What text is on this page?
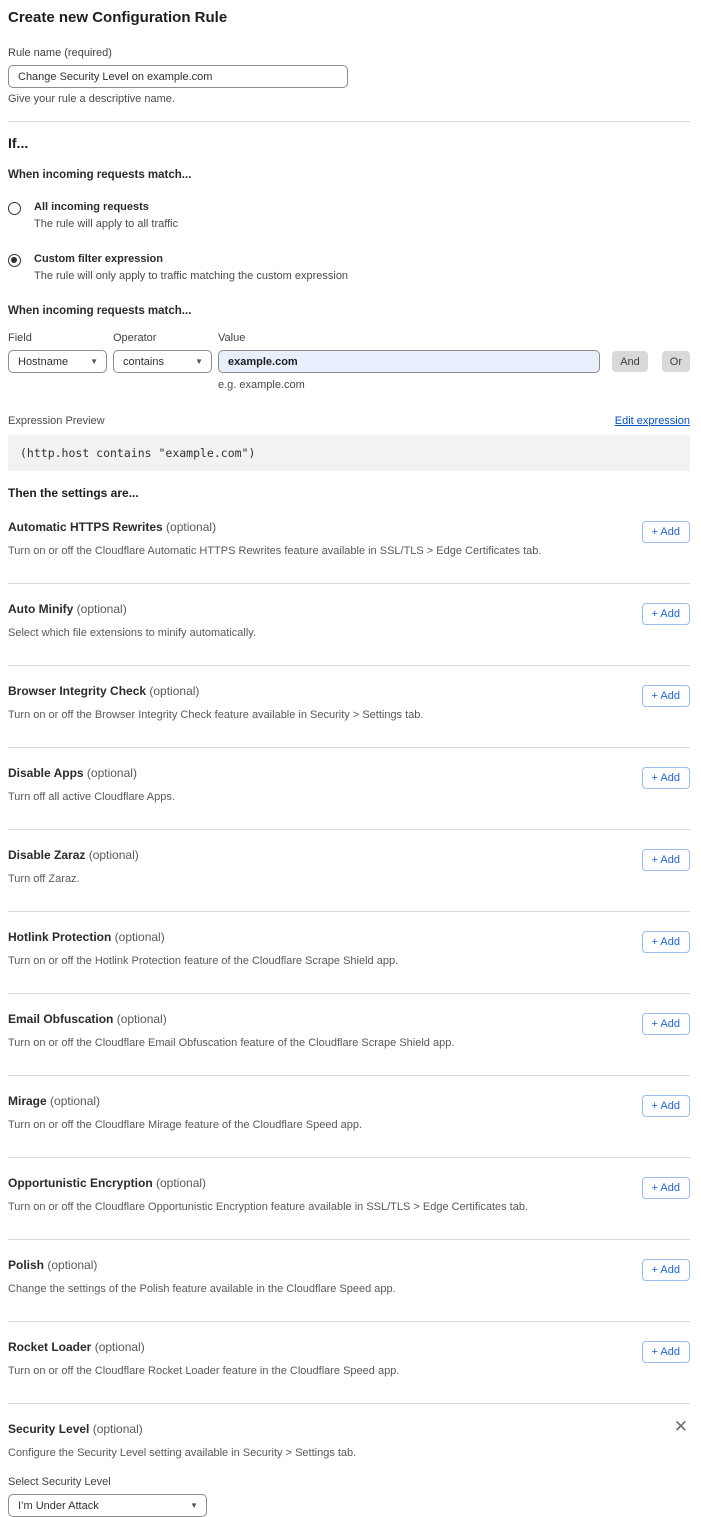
Create new Configuration Rule
Rule name (required)
Change Security Level on example.com
Give your rule a descriptive name.
If...
When incoming requests match...
All incoming requests
The rule will apply to all traffic
Custom filter expression
The rule will only apply to traffic matching the custom expression
When incoming requests match...
Field
Hostname	▼
Operator
contains	▼
Value
example.com
e.g. example.com
And	Or
Expression Preview	Edit expression
(http.host contains "example.com")
Then the settings are...
Automatic HTTPS Rewrites (optional)
Turn on or off the Cloudflare Automatic HTTPS Rewrites feature available in SSL/TLS > Edge Certificates tab.
+ Add
Auto Minify (optional)
Select which file extensions to minify automatically.
+ Add
Browser Integrity Check (optional)
Turn on or off the Browser Integrity Check feature available in Security > Settings tab.
+ Add
Disable Apps (optional)
Turn off all active Cloudflare Apps.
+ Add
Disable Zaraz (optional)
Turn off Zaraz.
+ Add
Hotlink Protection (optional)
Turn on or off the Hotlink Protection feature of the Cloudflare Scrape Shield app.
+ Add
Email Obfuscation (optional)
Turn on or off the Cloudflare Email Obfuscation feature of the Cloudflare Scrape Shield app.
+ Add
Mirage (optional)
Turn on or off the Cloudflare Mirage feature of the Cloudflare Speed app.
+ Add
Opportunistic Encryption (optional)
Turn on or off the Cloudflare Opportunistic Encryption feature available in SSL/TLS > Edge Certificates tab.
+ Add
Polish (optional)
Change the settings of the Polish feature available in the Cloudflare Speed app.
+ Add
Rocket Loader (optional)
Turn on or off the Cloudflare Rocket Loader feature in the Cloudflare Speed app.
+ Add
Security Level (optional)	✕
Configure the Security Level setting available in Security > Settings tab.
Select Security Level
I’m Under Attack	▼
